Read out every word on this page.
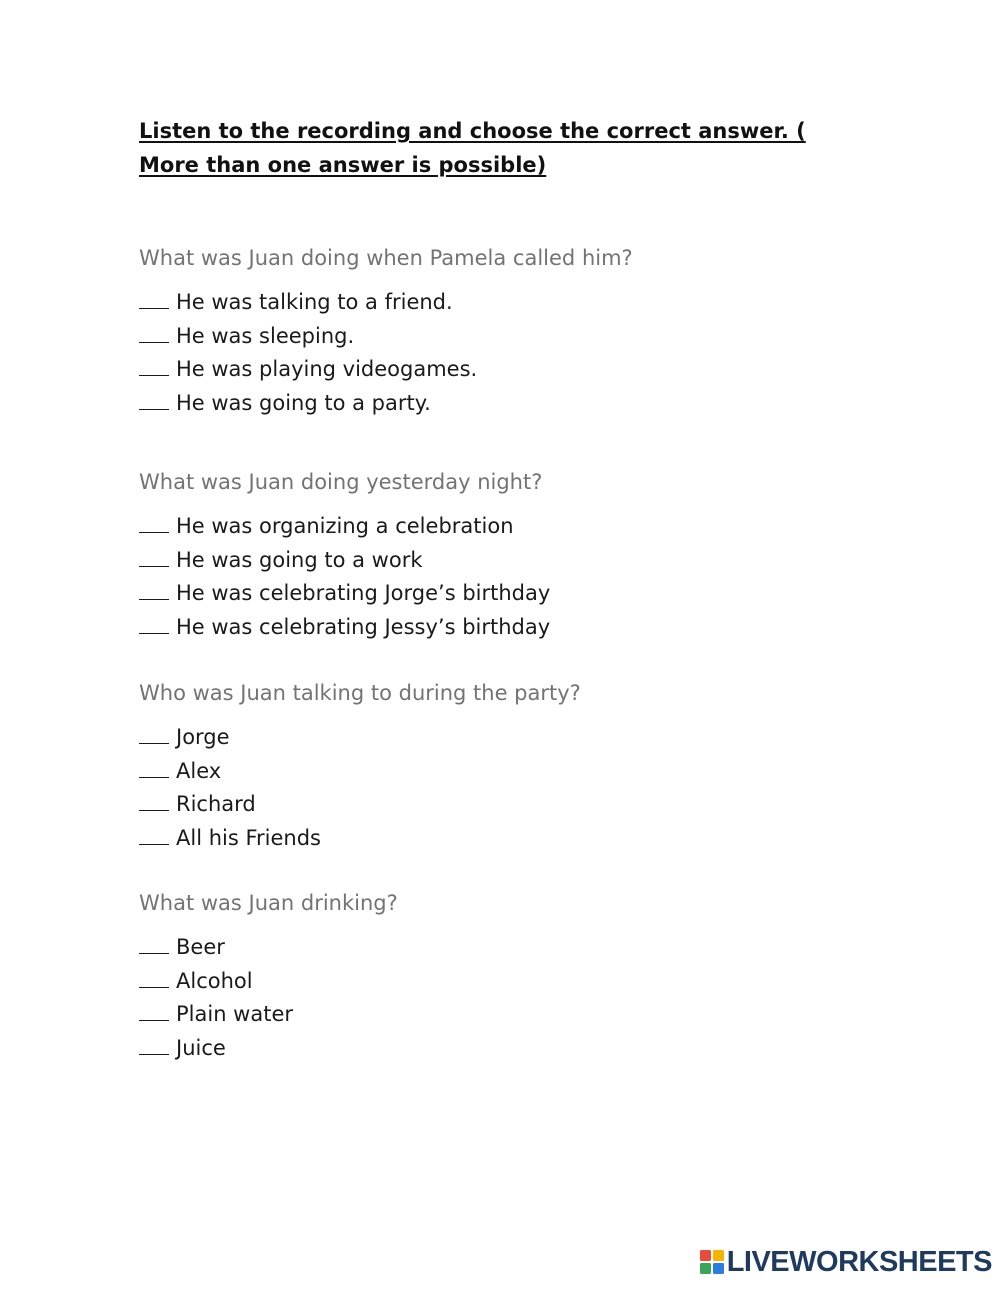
Listen to the recording and choose the correct answer. ( More than one answer is possible)
What was Juan doing when Pamela called him?
He was talking to a friend.
He was sleeping.
He was playing videogames.
He was going to a party.
What was Juan doing yesterday night?
He was organizing a celebration
He was going to a work
He was celebrating Jorge’s birthday
He was celebrating Jessy’s birthday
Who was Juan talking to during the party?
Jorge
Alex
Richard
All his Friends
What was Juan drinking?
Beer
Alcohol
Plain water
Juice
LIVEWORKSHEETS
